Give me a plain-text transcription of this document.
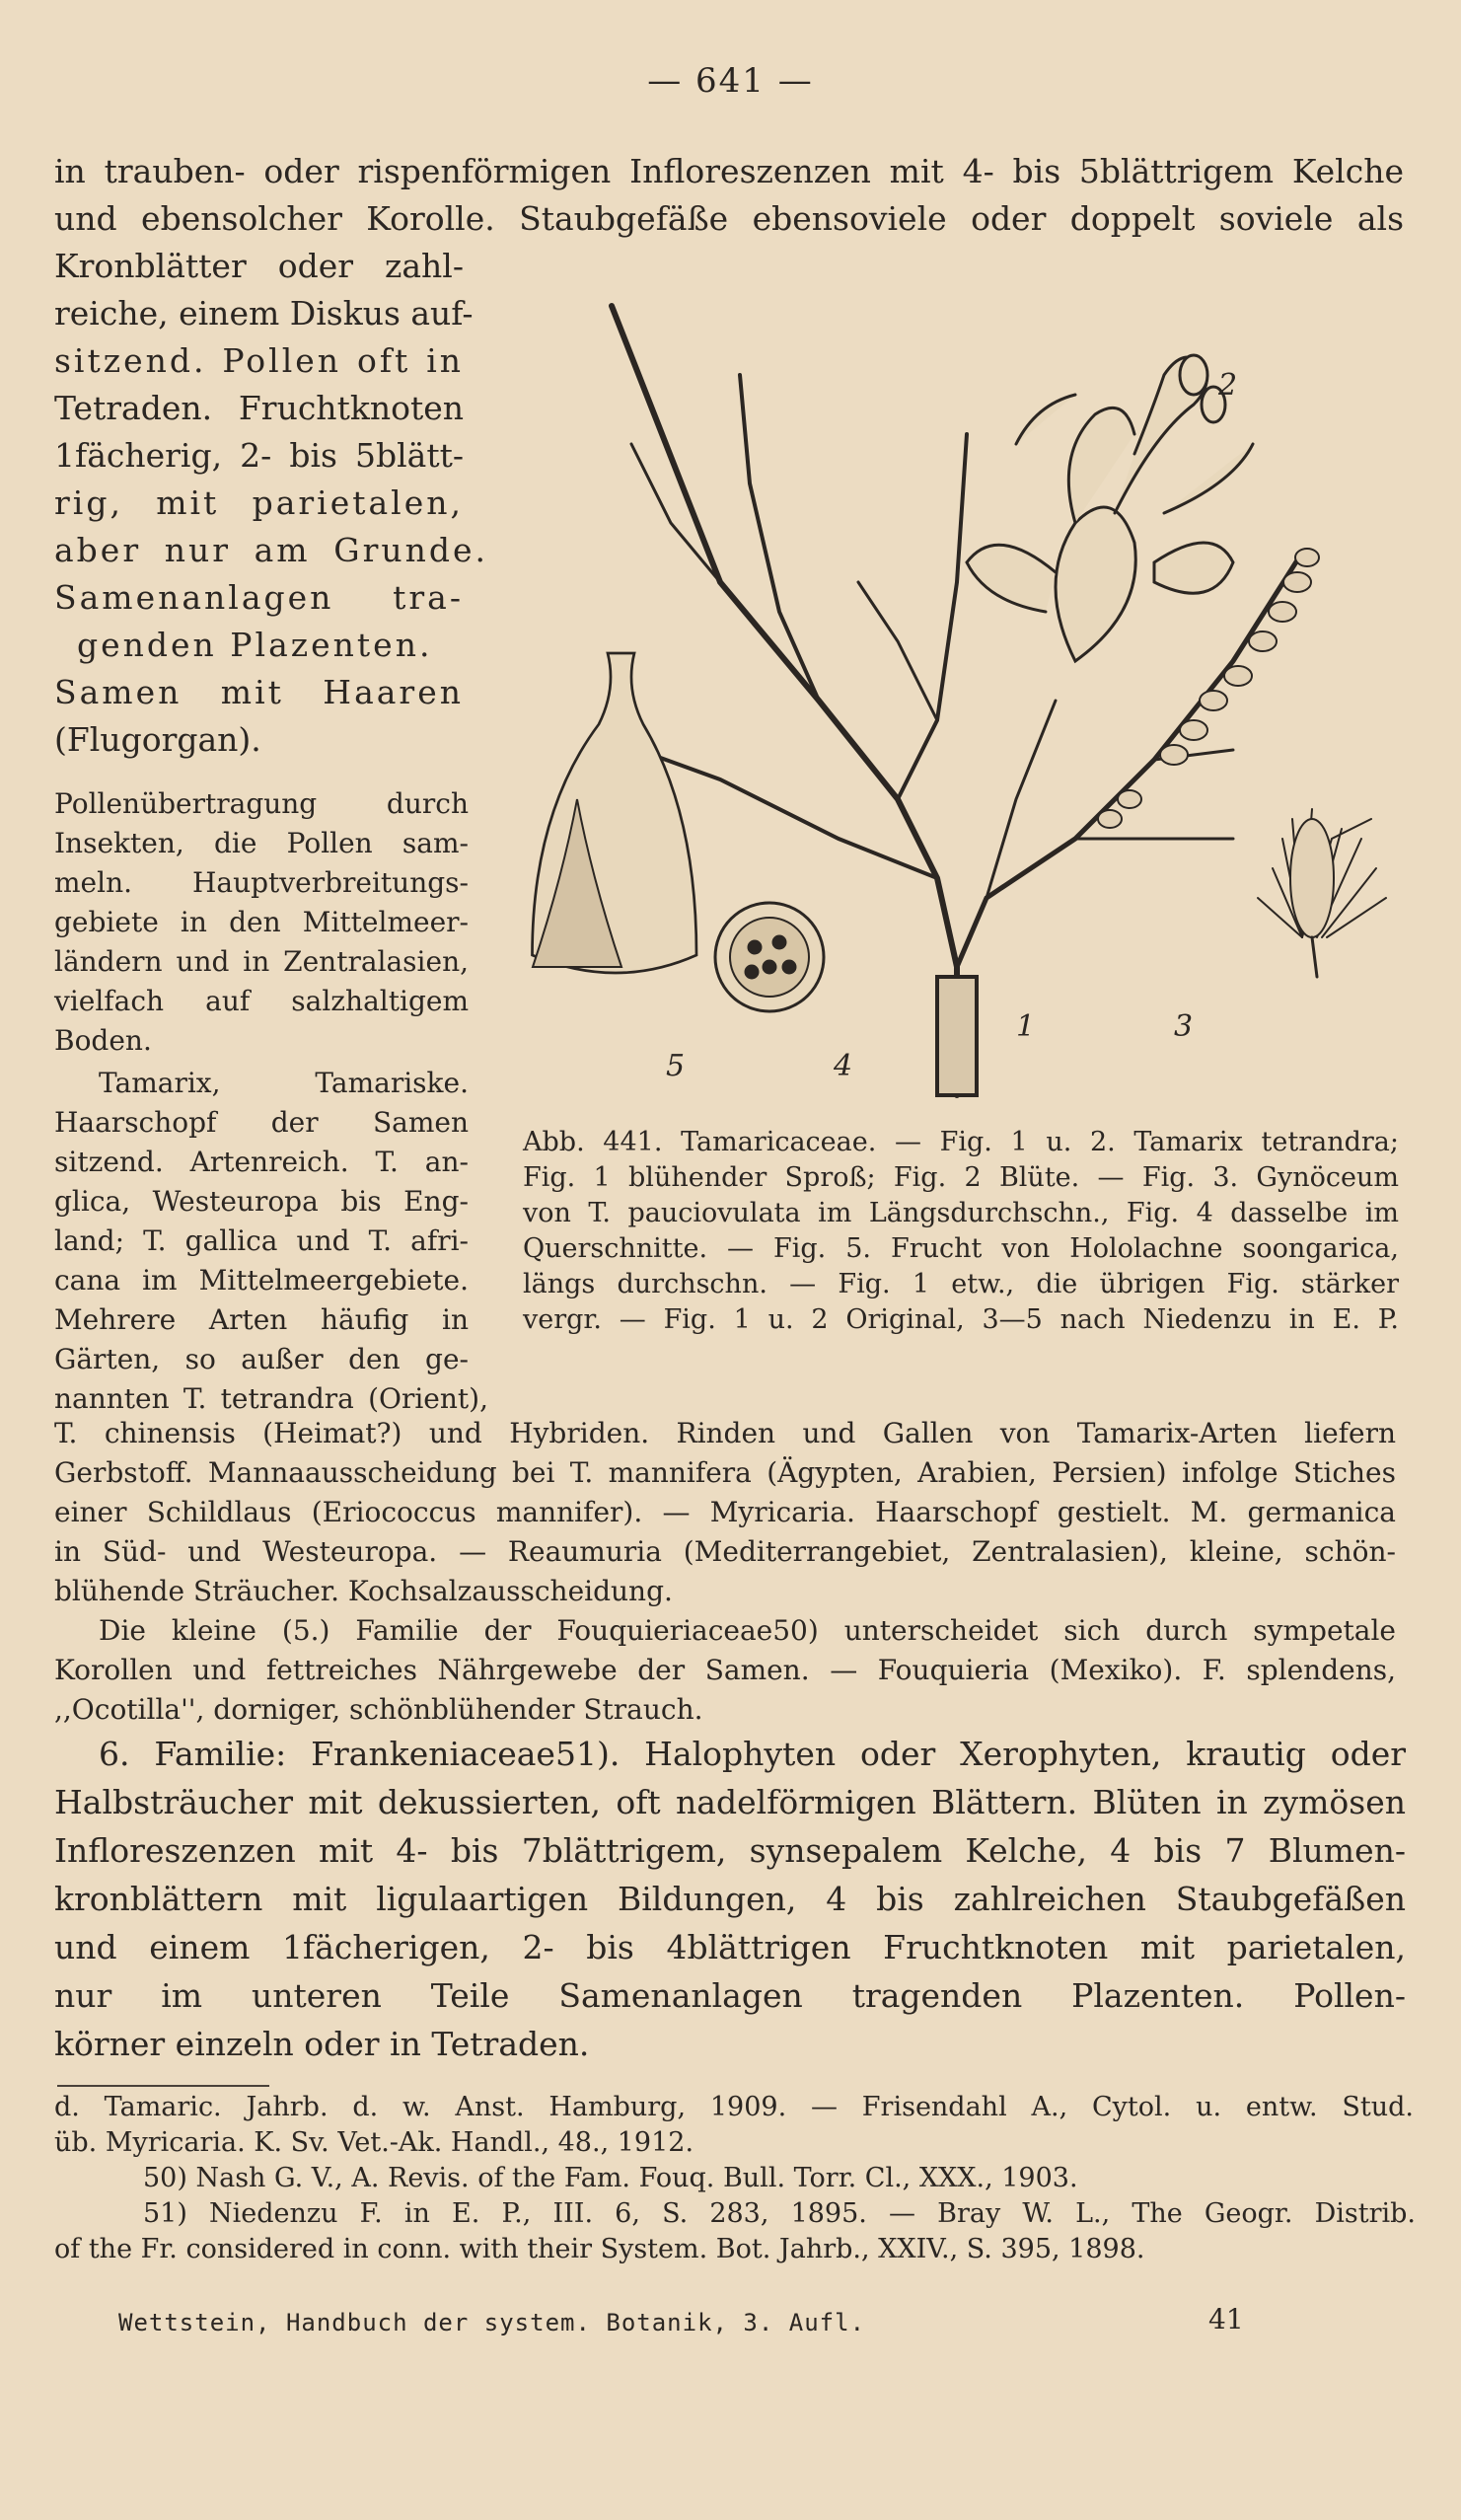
— 641 —
in trauben- oder rispenförmigen Infloreszenzen mit 4- bis 5blättrigem Kelche
und ebensolcher Korolle. Staubgefäße ebensoviele oder doppelt soviele als
Kronblätter oder zahl-
reiche, einem Diskus auf-
sitzend. Pollen oft in
Tetraden. Fruchtknoten
1fächerig, 2- bis 5blätt-
rig, mit parietalen,
aber nur am Grunde.
Samenanlagen tra-
genden Plazenten.
Samen mit Haaren
(Flugorgan).
Pollenübertragung durch
Insekten, die Pollen sam-
meln. Hauptverbreitungs-
gebiete in den Mittelmeer-
ländern und in Zentralasien,
vielfach auf salzhaltigem
Boden.
Tamarix, Tamariske.
Haarschopf der Samen
sitzend. Artenreich. T. an-
glica, Westeuropa bis Eng-
land; T. gallica und T. afri-
cana im Mittelmeergebiete.
Mehrere Arten häufig in
Gärten, so außer den ge-
nannten T. tetrandra (Orient),
1
2
3
4
5
Abb. 441. Tamaricaceae. — Fig. 1 u. 2. Tamarix tetrandra;
Fig. 1 blühender Sproß; Fig. 2 Blüte. — Fig. 3. Gynöceum
von T. pauciovulata im Längsdurchschn., Fig. 4 dasselbe im
Querschnitte. — Fig. 5. Frucht von Hololachne soongarica,
längs durchschn. — Fig. 1 etw., die übrigen Fig. stärker
vergr. — Fig. 1 u. 2 Original, 3—5 nach Niedenzu in E. P.
T. chinensis (Heimat?) und Hybriden. Rinden und Gallen von Tamarix-Arten liefern
Gerbstoff. Mannaausscheidung bei T. mannifera (Ägypten, Arabien, Persien) infolge Stiches
einer Schildlaus (Eriococcus mannifer). — Myricaria. Haarschopf gestielt. M. germanica
in Süd- und Westeuropa. — Reaumuria (Mediterrangebiet, Zentralasien), kleine, schön-
blühende Sträucher. Kochsalzausscheidung.
Die kleine (5.) Familie der Fouquieriaceae50) unterscheidet sich durch sympetale
Korollen und fettreiches Nährgewebe der Samen. — Fouquieria (Mexiko). F. splendens,
,,Ocotilla'', dorniger, schönblühender Strauch.
6. Familie: Frankeniaceae51). Halophyten oder Xerophyten, krautig oder
Halbsträucher mit dekussierten, oft nadelförmigen Blättern. Blüten in zymösen
Infloreszenzen mit 4- bis 7blättrigem, synsepalem Kelche, 4 bis 7 Blumen-
kronblättern mit ligulaartigen Bildungen, 4 bis zahlreichen Staubgefäßen
und einem 1fächerigen, 2- bis 4blättrigen Fruchtknoten mit parietalen,
nur im unteren Teile Samenanlagen tragenden Plazenten. Pollen-
körner einzeln oder in Tetraden.
d. Tamaric. Jahrb. d. w. Anst. Hamburg, 1909. — Frisendahl A., Cytol. u. entw. Stud.
üb. Myricaria. K. Sv. Vet.-Ak. Handl., 48., 1912.
50) Nash G. V., A. Revis. of the Fam. Fouq. Bull. Torr. Cl., XXX., 1903.
51) Niedenzu F. in E. P., III. 6, S. 283, 1895. — Bray W. L., The Geogr. Distrib.
of the Fr. considered in conn. with their System. Bot. Jahrb., XXIV., S. 395, 1898.
Wettstein, Handbuch der system. Botanik, 3. Aufl.	41
